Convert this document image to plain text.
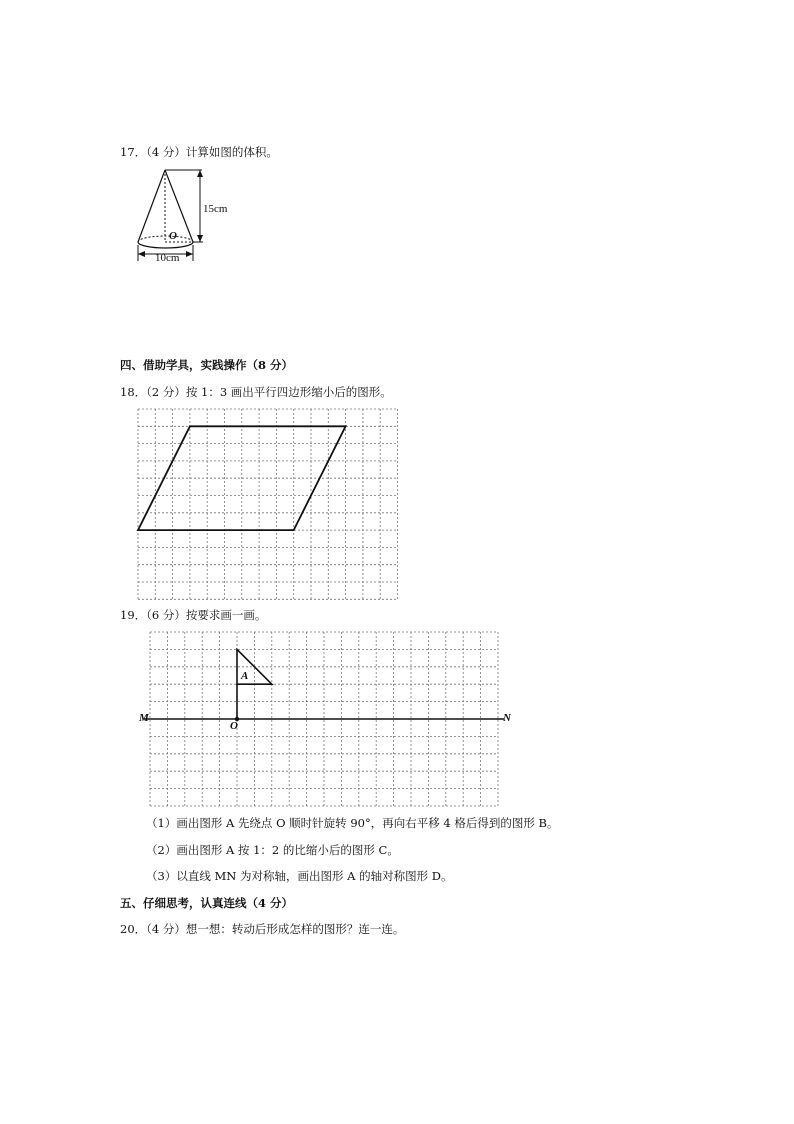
17．（4 分）计算如图的体积。
15cm
10cm
O
四、借助学具，实践操作（8 分）
18．（2 分）按 1：3 画出平行四边形缩小后的图形。
19．（6 分）按要求画一画。
M	N
O
A
（1）画出图形 A 先绕点 O 顺时针旋转 90°，再向右平移 4 格后得到的图形 B。
（2）画出图形 A 按 1：2 的比缩小后的图形 C。
（3）以直线 MN 为对称轴，画出图形 A 的轴对称图形 D。
五、仔细思考，认真连线（4 分）
20．（4 分）想一想：转动后形成怎样的图形？连一连。
